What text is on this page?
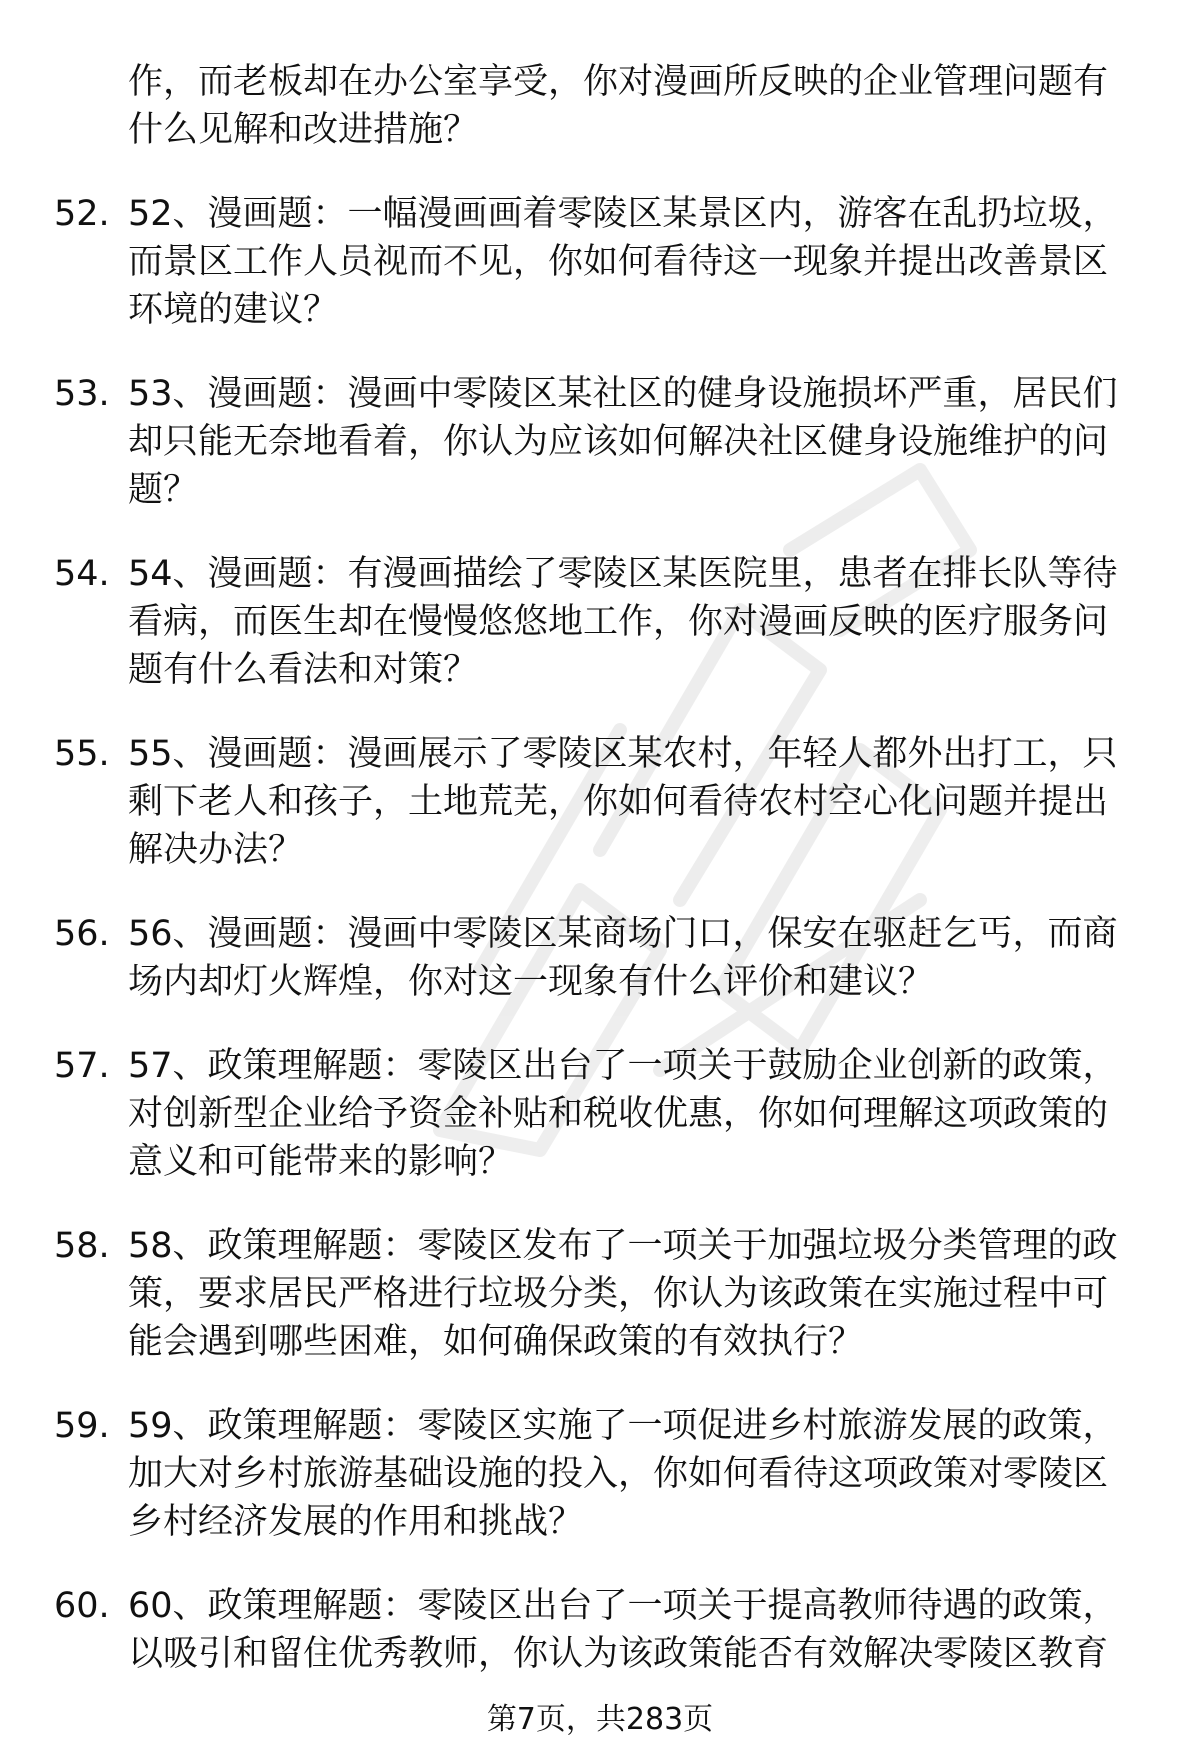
作，而老板却在办公室享受，你对漫画所反映的企业管理问题有什么见解和改进措施？

52. 52、漫画题：一幅漫画画着零陵区某景区内，游客在乱扔垃圾，而景区工作人员视而不见，你如何看待这一现象并提出改善景区环境的建议？
53. 53、漫画题：漫画中零陵区某社区的健身设施损坏严重，居民们却只能无奈地看着，你认为应该如何解决社区健身设施维护的问题？
54. 54、漫画题：有漫画描绘了零陵区某医院里，患者在排长队等待看病，而医生却在慢慢悠悠地工作，你对漫画反映的医疗服务问题有什么看法和对策？
55. 55、漫画题：漫画展示了零陵区某农村，年轻人都外出打工，只剩下老人和孩子，土地荒芜，你如何看待农村空心化问题并提出解决办法？
56. 56、漫画题：漫画中零陵区某商场门口，保安在驱赶乞丐，而商场内却灯火辉煌，你对这一现象有什么评价和建议？
57. 57、政策理解题：零陵区出台了一项关于鼓励企业创新的政策，对创新型企业给予资金补贴和税收优惠，你如何理解这项政策的意义和可能带来的影响？
58. 58、政策理解题：零陵区发布了一项关于加强垃圾分类管理的政策，要求居民严格进行垃圾分类，你认为该政策在实施过程中可能会遇到哪些困难，如何确保政策的有效执行？
59. 59、政策理解题：零陵区实施了一项促进乡村旅游发展的政策，加大对乡村旅游基础设施的投入，你如何看待这项政策对零陵区乡村经济发展的作用和挑战？
60. 60、政策理解题：零陵区出台了一项关于提高教师待遇的政策，以吸引和留住优秀教师，你认为该政策能否有效解决零陵区教育
第7页，共283页
